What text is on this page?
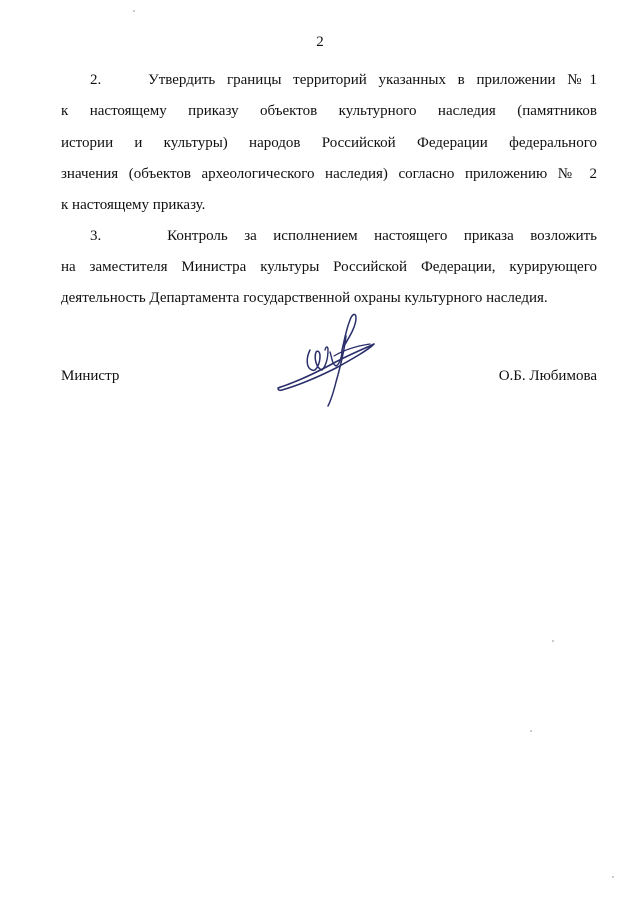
2
2.    Утвердить границы территорий указанных в приложении №1
к настоящему приказу объектов культурного наследия (памятников
истории и культуры) народов Российской Федерации федерального
значения (объектов археологического наследия) согласно приложению № 2
к настоящему приказу.
3.    Контроль за исполнением настоящего приказа возложить
на заместителя Министра культуры Российской Федерации, курирующего
деятельность Департамента государственной охраны культурного наследия.
Министр	О.Б. Любимова
